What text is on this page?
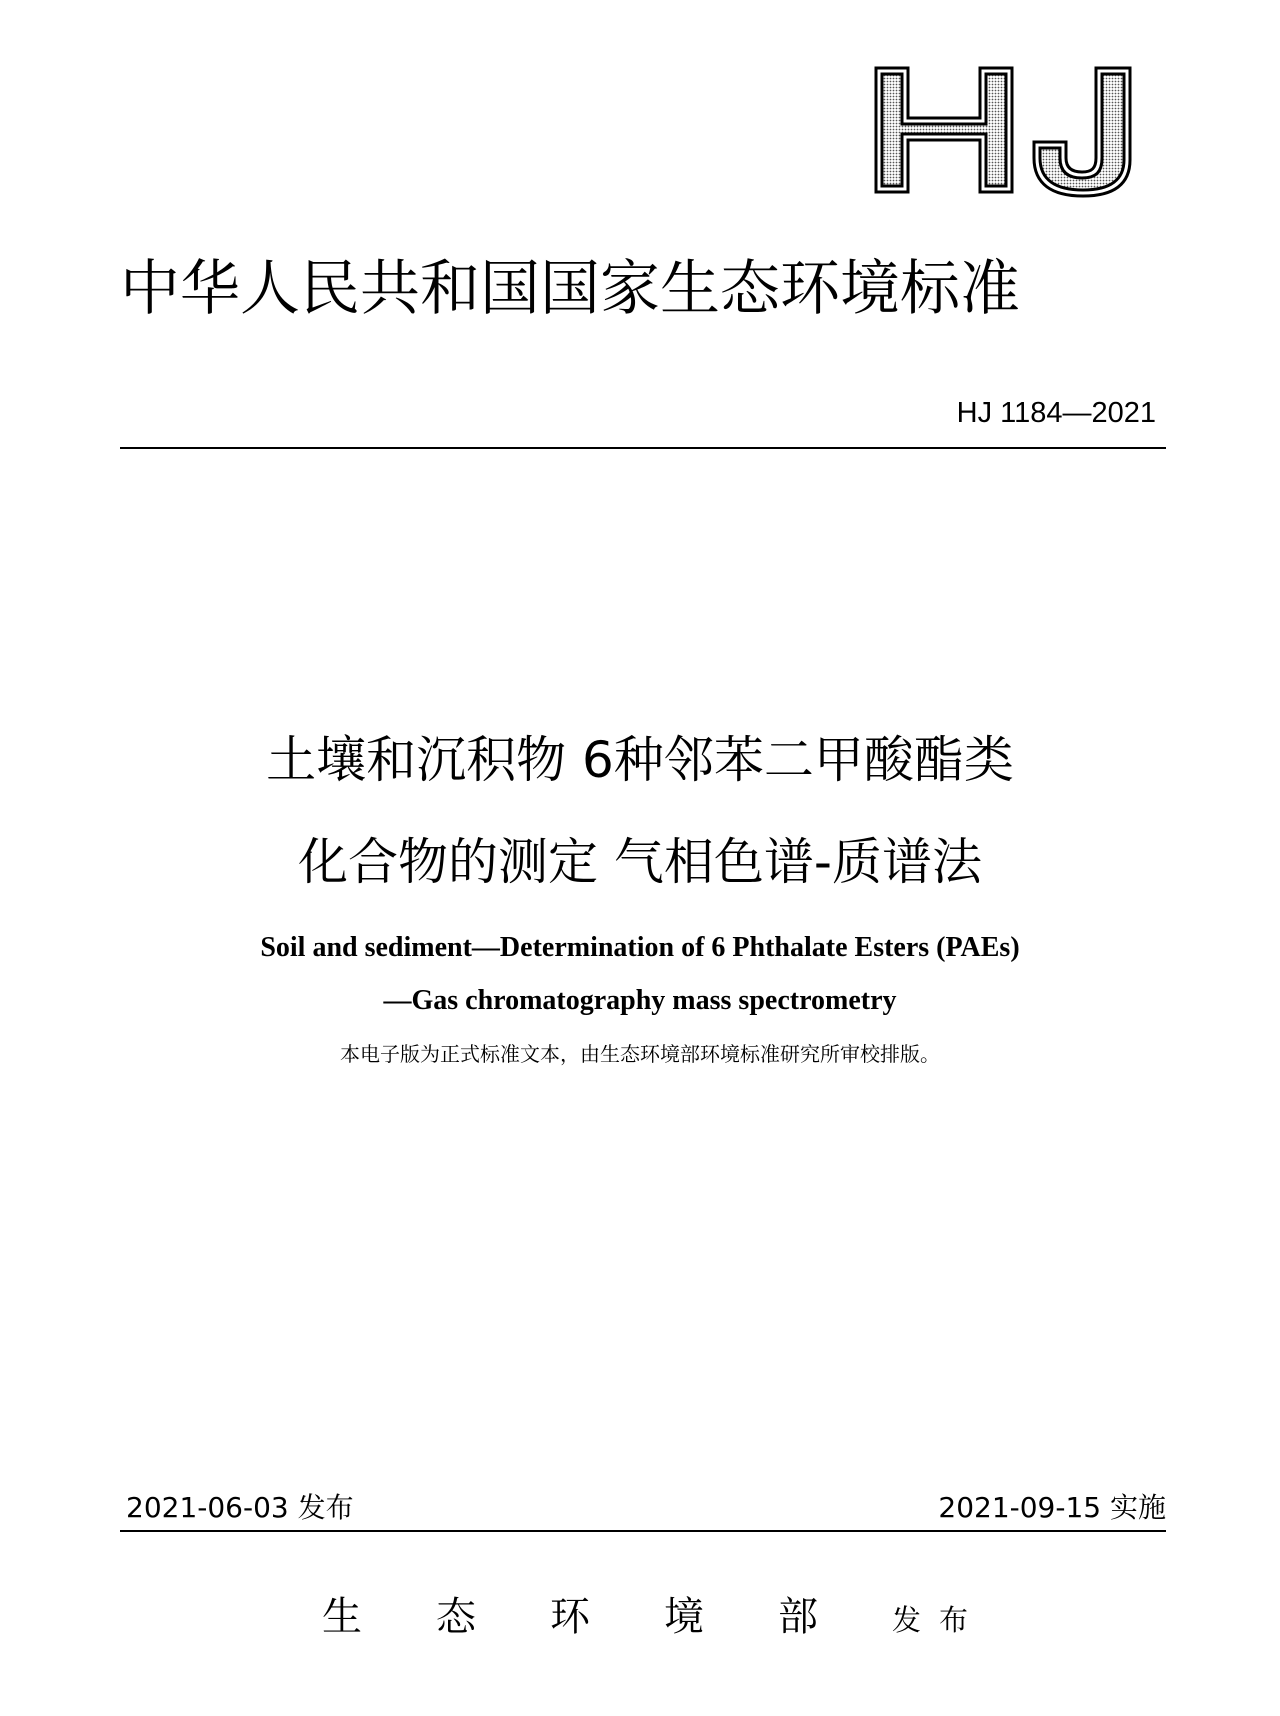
中华人民共和国国家生态环境标准
HJ 1184—2021
土壤和沉积物 6种邻苯二甲酸酯类
化合物的测定 气相色谱-质谱法
Soil and sediment—Determination of 6 Phthalate Esters (PAEs)
—Gas chromatography mass spectrometry
本电子版为正式标准文本，由生态环境部环境标准研究所审校排版。
2021-06-03 发布	2021-09-15 实施
生态环境部发布
